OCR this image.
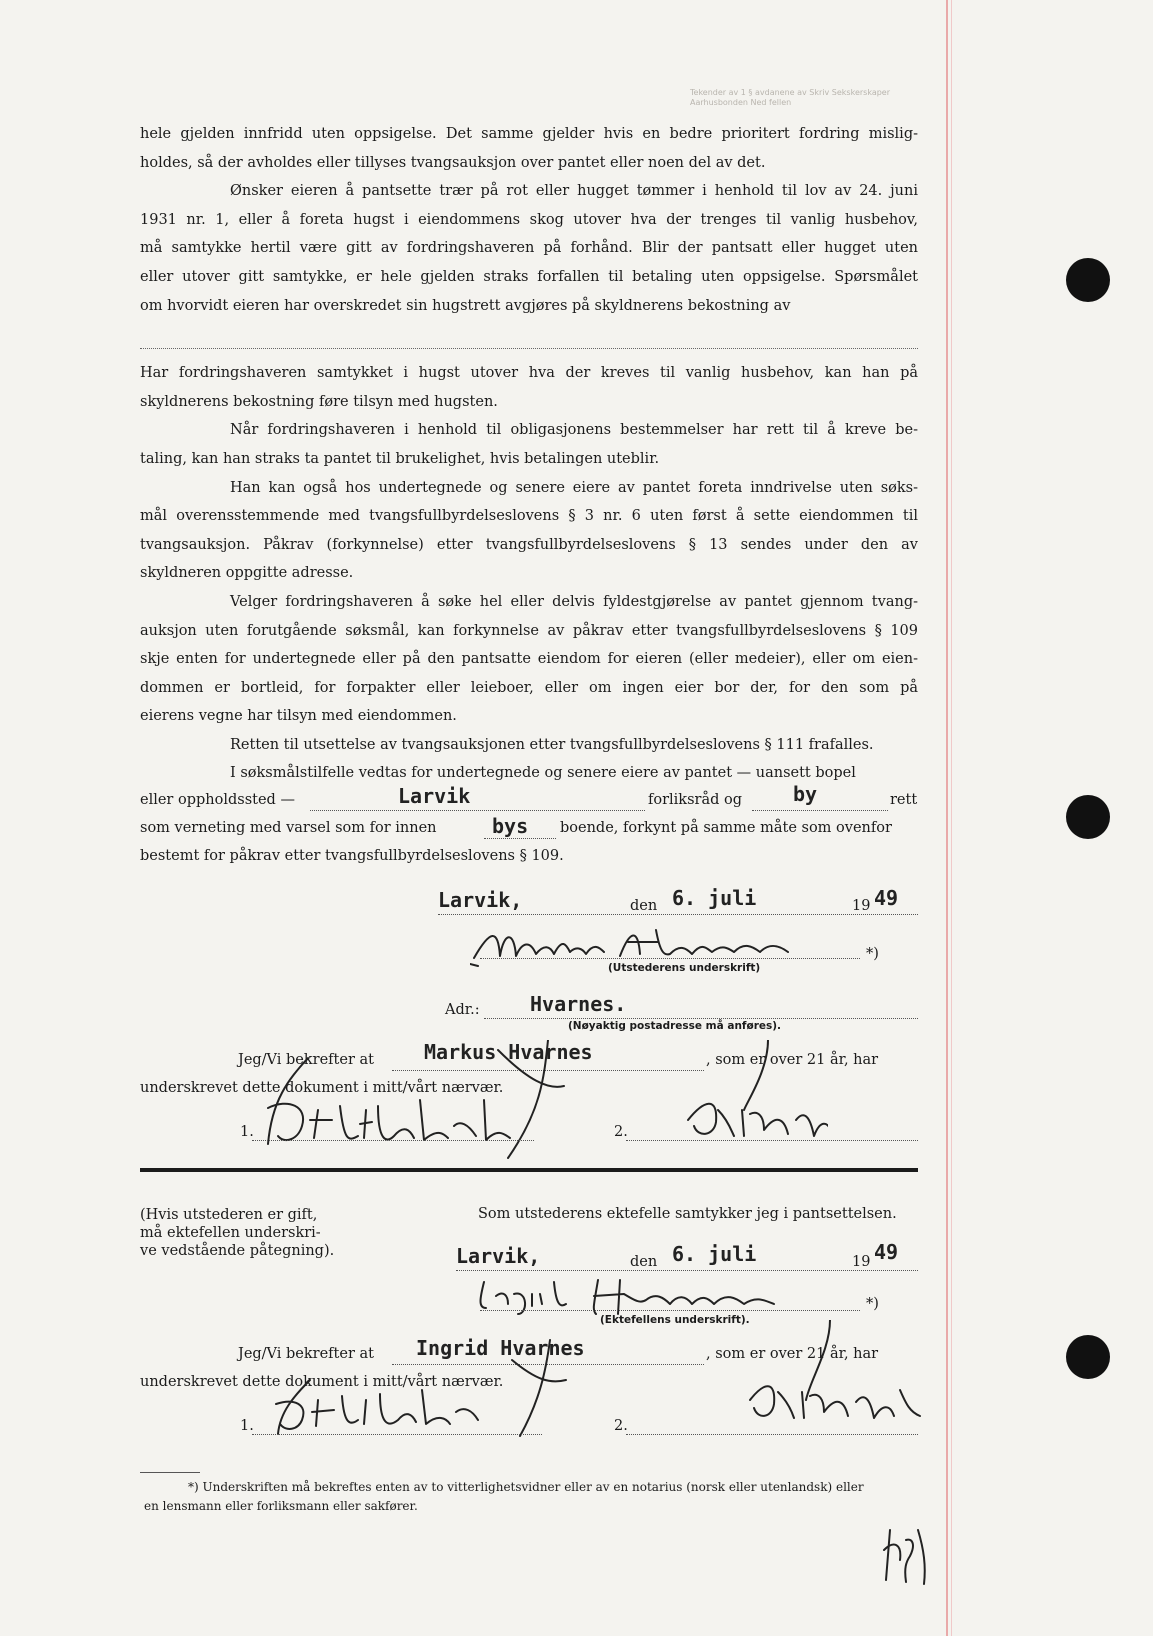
Tekender av 1 § avdanene av Skriv Sekskerskaper
Aarhusbonden Ned fellen

hele gjelden innfridd uten oppsigelse. Det samme gjelder hvis en bedre prioritert fordring mislig-

holdes, så der avholdes eller tillyses tvangsauksjon over pantet eller noen del av det.

Ønsker eieren å pantsette trær på rot eller hugget tømmer i henhold til lov av 24. juni

1931 nr. 1, eller å foreta hugst i eiendommens skog utover hva der trenges til vanlig husbehov,

må samtykke hertil være gitt av fordringshaveren på forhånd. Blir der pantsatt eller hugget uten

eller utover gitt samtykke, er hele gjelden straks forfallen til betaling uten oppsigelse. Spørsmålet

om hvorvidt eieren har overskredet sin hugstrett avgjøres på skyldnerens bekostning av

Har fordringshaveren samtykket i hugst utover hva der kreves til vanlig husbehov, kan han på

skyldnerens bekostning føre tilsyn med hugsten.

Når fordringshaveren i henhold til obligasjonens bestemmelser har rett til å kreve be-

taling, kan han straks ta pantet til brukelighet, hvis betalingen uteblir.

Han kan også hos undertegnede og senere eiere av pantet foreta inndrivelse uten søks-

mål overensstemmende med tvangsfullbyrdelseslovens § 3 nr. 6 uten først å sette eiendommen til

tvangsauksjon. Påkrav (forkynnelse) etter tvangsfullbyrdelseslovens § 13 sendes under den av

skyldneren oppgitte adresse.

Velger fordringshaveren å søke hel eller delvis fyldestgjørelse av pantet gjennom tvang-

auksjon uten forutgående søksmål, kan forkynnelse av påkrav etter tvangsfullbyrdelseslovens § 109

skje enten for undertegnede eller på den pantsatte eiendom for eieren (eller medeier), eller om eien-

dommen er bortleid, for forpakter eller leieboer, eller om ingen eier bor der, for den som på

eierens vegne har tilsyn med eiendommen.

Retten til utsettelse av tvangsauksjonen etter tvangsfullbyrdelseslovens § 111 frafalles.

I søksmålstilfelle vedtas for undertegnede og senere eiere av pantet — uansett bopel

eller oppholdssted —	Larvik	forliksråd og	by	rett
som verneting med varsel som for innen	bys boende, forkynt på samme måte som ovenfor
bestemt for påkrav etter tvangsfullbyrdelseslovens § 109.
Larvik,	den 6. juli	19 49
*)
(Utstederens underskrift)
Adr.:	Hvarnes.
(Nøyaktig postadresse må anføres).
Jeg/Vi bekrefter at	Markus Hvarnes	, som er over 21 år, har
underskrevet dette dokument i mitt/vårt nærvær.
1.	2.
(Hvis utstederen er gift,
må ektefellen underskri-
ve vedstående påtegning).
Som utstederens ektefelle samtykker jeg i pantsettelsen.
Larvik,	den 6. juli	19 49
*)
(Ektefellens underskrift).
Jeg/Vi bekrefter at Ingrid Hvarnes	, som er over 21 år, har
underskrevet dette dokument i mitt/vårt nærvær.
1.	2.
*) Underskriften må bekreftes enten av to vitterlighetsvidner eller av en notarius (norsk eller utenlandsk) eller
en lensmann eller forliksmann eller sakfører.
